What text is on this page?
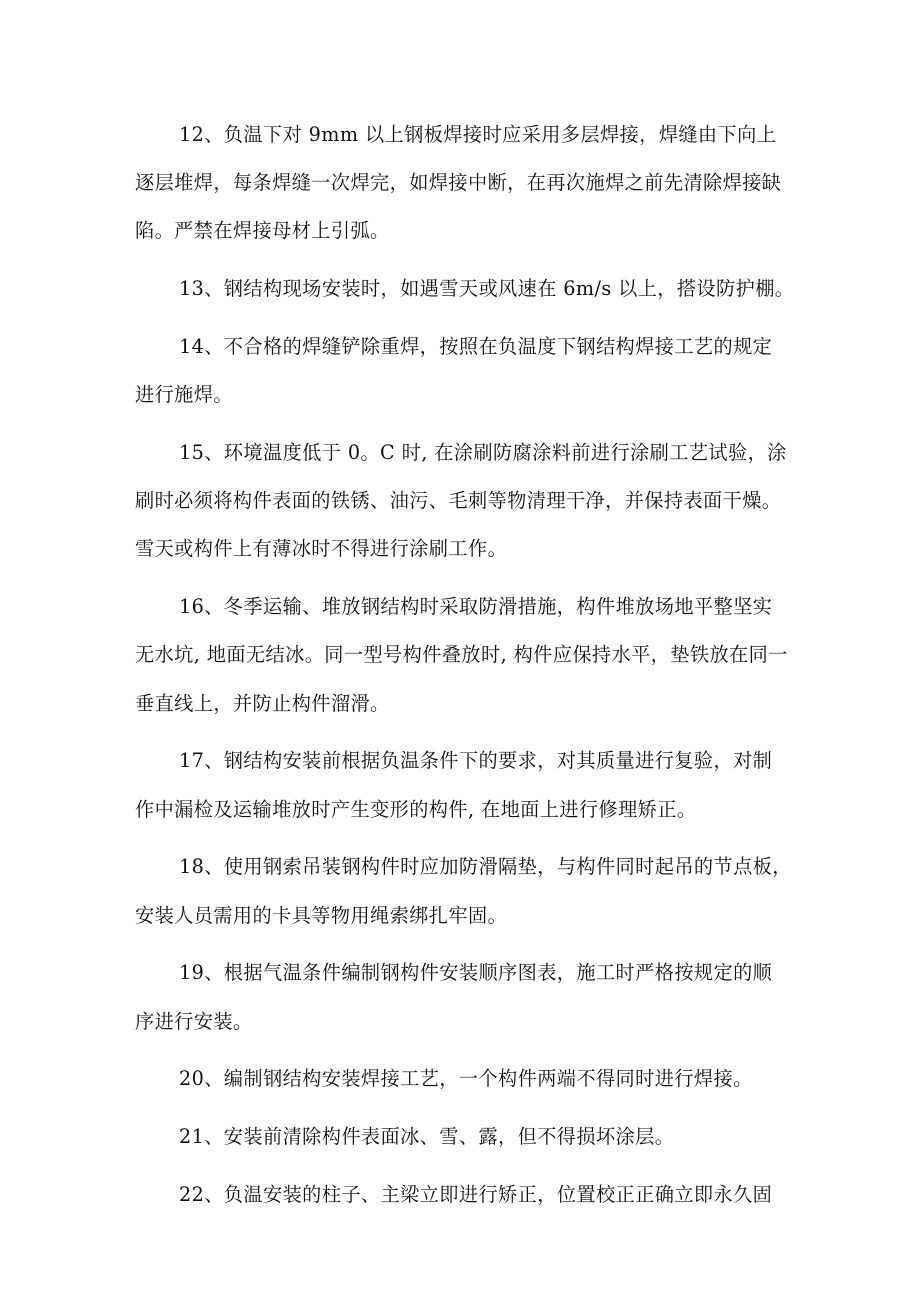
12、负温下对 9mm 以上钢板焊接时应采用多层焊接，焊缝由下向上
逐层堆焊，每条焊缝一次焊完，如焊接中断，在再次施焊之前先清除焊接缺
陷。严禁在焊接母材上引弧。

13、钢结构现场安装时，如遇雪天或风速在 6m/s 以上，搭设防护棚。

14、不合格的焊缝铲除重焊，按照在负温度下钢结构焊接工艺的规定
进行施焊。

15、环境温度低于 0。C 时, 在涂刷防腐涂料前进行涂刷工艺试验，涂
刷时必须将构件表面的铁锈、油污、毛刺等物清理干净，并保持表面干燥。
雪天或构件上有薄冰时不得进行涂刷工作。

16、冬季运输、堆放钢结构时采取防滑措施，构件堆放场地平整坚实
无水坑, 地面无结冰。同一型号构件叠放时, 构件应保持水平，垫铁放在同一
垂直线上，并防止构件溜滑。

17、钢结构安装前根据负温条件下的要求，对其质量进行复验，对制
作中漏检及运输堆放时产生变形的构件, 在地面上进行修理矫正。

18、使用钢索吊装钢构件时应加防滑隔垫，与构件同时起吊的节点板，
安装人员需用的卡具等物用绳索绑扎牢固。

19、根据气温条件编制钢构件安装顺序图表，施工时严格按规定的顺
序进行安装。

20、编制钢结构安装焊接工艺，一个构件两端不得同时进行焊接。

21、安装前清除构件表面冰、雪、露，但不得损坏涂层。

22、负温安装的柱子、主梁立即进行矫正，位置校正正确立即永久固
